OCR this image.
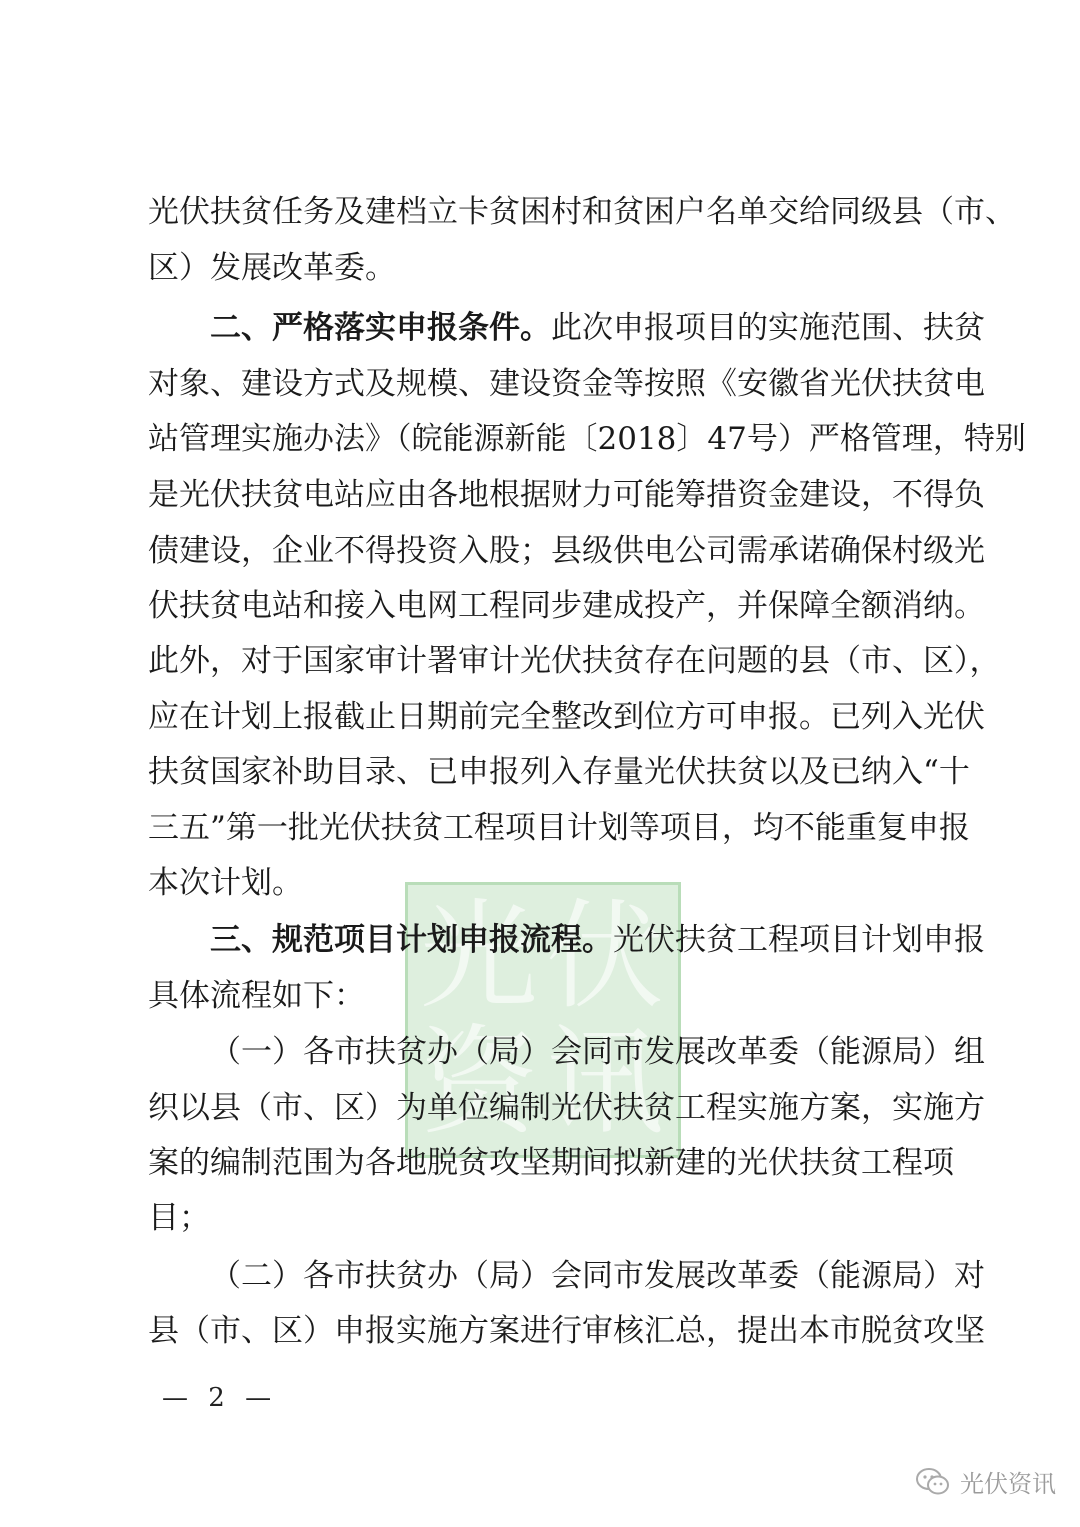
光伏扶贫任务及建档立卡贫困村和贫困户名单交给同级县（市、
区）发展改革委。
二、严格落实申报条件。此次申报项目的实施范围、扶贫
对象、建设方式及规模、建设资金等按照《安徽省光伏扶贫电
站管理实施办法》（皖能源新能〔2018〕47号）严格管理，特别
是光伏扶贫电站应由各地根据财力可能筹措资金建设，不得负
债建设，企业不得投资入股；县级供电公司需承诺确保村级光
伏扶贫电站和接入电网工程同步建成投产，并保障全额消纳。
此外，对于国家审计署审计光伏扶贫存在问题的县（市、区），
应在计划上报截止日期前完全整改到位方可申报。已列入光伏
扶贫国家补助目录、已申报列入存量光伏扶贫以及已纳入“十
三五”第一批光伏扶贫工程项目计划等项目，均不能重复申报
本次计划。
光 伏
资 讯
三、规范项目计划申报流程。光伏扶贫工程项目计划申报
具体流程如下：
（一）各市扶贫办（局）会同市发展改革委（能源局）组
织以县（市、区）为单位编制光伏扶贫工程实施方案，实施方
案的编制范围为各地脱贫攻坚期间拟新建的光伏扶贫工程项
目；
（二）各市扶贫办（局）会同市发展改革委（能源局）对
县（市、区）申报实施方案进行审核汇总，提出本市脱贫攻坚
— 2 —
光伏资讯
